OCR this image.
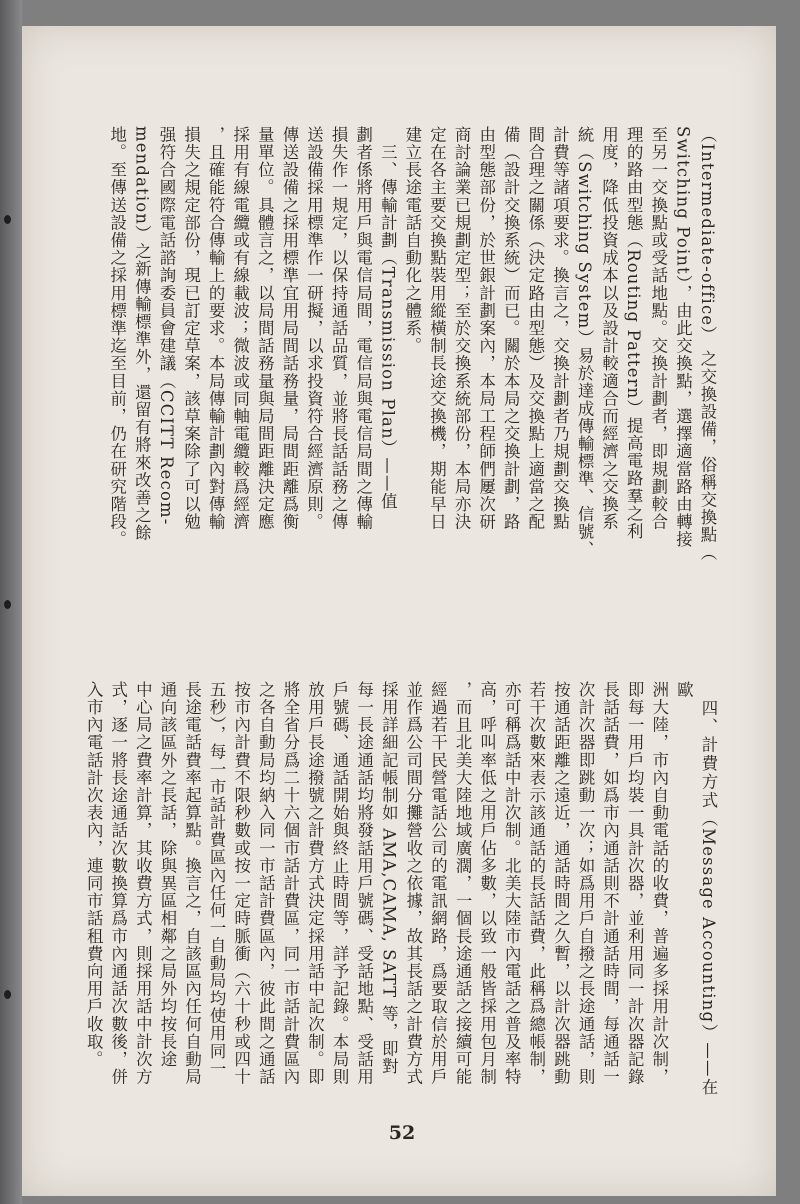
（Intermediate-office） 之交換設備，俗稱交換點（
Switching Point），由此交換點，選擇適當路由轉接
至另一交換點或受話地點。交換計劃者，即規劃較合
理的路由型態（Routing Pattern）提高電路羣之利
用度，降低投資成本以及設計較適合而經濟之交換系
統（Switching System）易於達成傳輸標準、信號、
計費等諸項要求。換言之，交換計劃者乃規劃交換點
間合理之關係（決定路由型態）及交換點上適當之配
備（設計交換系統）而已。關於本局之交換計劃，路
由型態部份，於世銀計劃案內，本局工程師們屢次研
商討論業已規劃定型；至於交換系統部份，本局亦決
定在各主要交換點裝用縱橫制長途交換機，期能早日
建立長途電話自動化之體系。
　三、傳輸計劃（Transmission Plan）——值
劃者係將用戶與電信局間，電信局與電信局間之傳輸
損失作一規定，以保持通話品質，並將長話話務之傳
送設備採用標準作一研擬，以求投資符合經濟原則。
傳送設備之採用標準宜用局間話務量，局間距離爲衡
量單位。具體言之，以局間話務量與局間距離決定應
採用有線電纜或有線載波；微波或同軸電纜較爲經濟
，且確能符合傳輸上的要求。本局傳輸計劃內對傳輸
損失之規定部份，現已訂定草案，該草案除了可以勉
强符合國際電話諮詢委員會建議（CCITT Recom-
mendation）之新傳輸標準外，還留有將來改善之餘
地。至傳送設備之採用標準迄至目前，仍在研究階段。
　四、計費方式（Message Accounting）——在歐
洲大陸，市內自動電話的收費，普遍多採用計次制，
即每一用戶均裝一具計次器，並利用同一計次器記錄
長話話費，如爲市內通話則不計通話時間，每通話一
次計次器即跳動一次；如爲用戶自撥之長途通話，則
按通話距離之遠近，通話時間之久暫，以計次器跳動
若干次數來表示該通話的長話話費，此稱爲總帳制，
亦可稱爲話中計次制。北美大陸市內電話之普及率特
高，呼叫率低之用戶佔多數，以致一般皆採用包月制
，而且北美大陸地域廣濶，一個長途通話之接續可能
經過若干民營電話公司的電訊網路，爲要取信於用戶
並作爲公司間分攤營收之依據，故其長話之計費方式
採用詳細記帳制如 AMA,CAMA, SATT 等，即對
每一長途通話均將發話用戶號碼、受話地點、受話用
戶號碼、通話開始與終止時間等，詳予記錄。本局則
放用戶長途撥號之計費方式決定採用話中記次制。即
將全省分爲二十六個市話計費區，同一市話計費區內
之各自動局均納入同一市話計費區內，彼此間之通話
按市內計費不限秒數或按一定時脈衝（六十秒或四十
五秒），每一市話計費區內任何一自動局均使用同一
長途電話費率起算點。換言之，自該區內任何自動局
通向該區外之長話，除與異區相鄰之局外均按長途
中心局之費率計算，其收費方式，則採用話中計次方
式，逐一將長途通話次數換算爲市內通話次數後，併
入市內電話計次表內，連同市話租費向用戶收取。
52
